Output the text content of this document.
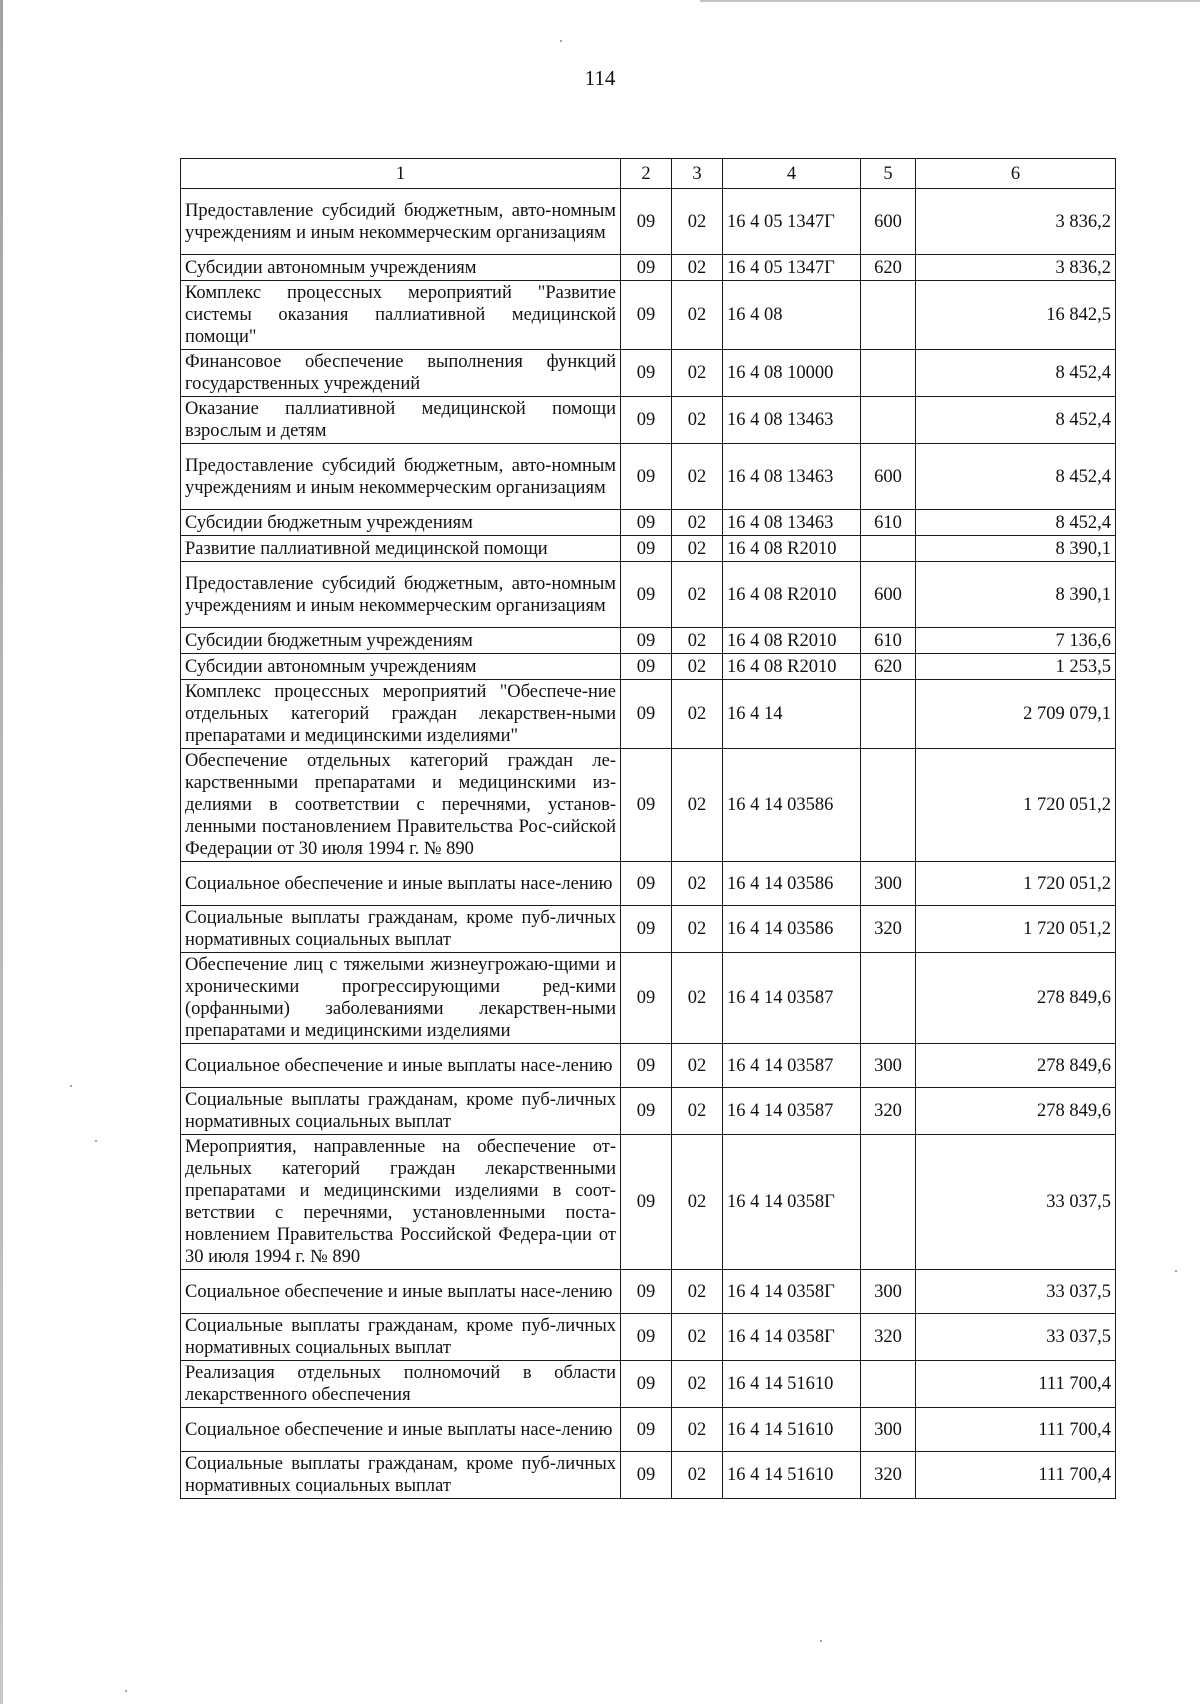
114
1	2	3	4	5	6
Предоставление субсидий бюджетным, авто-номным учреждениям и иным некоммерческим организациям	09	02	16 4 05 1347Г	600	3 836,2
Субсидии автономным учреждениям	09	02	16 4 05 1347Г	620	3 836,2
Комплекс процессных мероприятий "Развитие системы оказания паллиативной медицинской помощи"	09	02	16 4 08		16 842,5
Финансовое обеспечение выполнения функций государственных учреждений	09	02	16 4 08 10000		8 452,4
Оказание паллиативной медицинской помощи взрослым и детям	09	02	16 4 08 13463		8 452,4
Предоставление субсидий бюджетным, авто-номным учреждениям и иным некоммерческим организациям	09	02	16 4 08 13463	600	8 452,4
Субсидии бюджетным учреждениям	09	02	16 4 08 13463	610	8 452,4
Развитие паллиативной медицинской помощи	09	02	16 4 08 R2010		8 390,1
Предоставление субсидий бюджетным, авто-номным учреждениям и иным некоммерческим организациям	09	02	16 4 08 R2010	600	8 390,1
Субсидии бюджетным учреждениям	09	02	16 4 08 R2010	610	7 136,6
Субсидии автономным учреждениям	09	02	16 4 08 R2010	620	1 253,5
Комплекс процессных мероприятий "Обеспече-ние отдельных категорий граждан лекарствен-ными препаратами и медицинскими изделиями"	09	02	16 4 14		2 709 079,1
Обеспечение отдельных категорий граждан ле-карственными препаратами и медицинскими из-делиями в соответствии с перечнями, установ-ленными постановлением Правительства Рос-сийской Федерации от 30 июля 1994 г. № 890	09	02	16 4 14 03586		1 720 051,2
Социальное обеспечение и иные выплаты насе-лению	09	02	16 4 14 03586	300	1 720 051,2
Социальные выплаты гражданам, кроме пуб-личных нормативных социальных выплат	09	02	16 4 14 03586	320	1 720 051,2
Обеспечение лиц с тяжелыми жизнеугрожаю-щими и хроническими прогрессирующими ред-кими (орфанными) заболеваниями лекарствен-ными препаратами и медицинскими изделиями	09	02	16 4 14 03587		278 849,6
Социальное обеспечение и иные выплаты насе-лению	09	02	16 4 14 03587	300	278 849,6
Социальные выплаты гражданам, кроме пуб-личных нормативных социальных выплат	09	02	16 4 14 03587	320	278 849,6
Мероприятия, направленные на обеспечение от-дельных категорий граждан лекарственными препаратами и медицинскими изделиями в соот-ветствии с перечнями, установленными поста-новлением Правительства Российской Федера-ции от 30 июля 1994 г. № 890	09	02	16 4 14 0358Г		33 037,5
Социальное обеспечение и иные выплаты насе-лению	09	02	16 4 14 0358Г	300	33 037,5
Социальные выплаты гражданам, кроме пуб-личных нормативных социальных выплат	09	02	16 4 14 0358Г	320	33 037,5
Реализация отдельных полномочий в области лекарственного обеспечения	09	02	16 4 14 51610		111 700,4
Социальное обеспечение и иные выплаты насе-лению	09	02	16 4 14 51610	300	111 700,4
Социальные выплаты гражданам, кроме пуб-личных нормативных социальных выплат	09	02	16 4 14 51610	320	111 700,4
